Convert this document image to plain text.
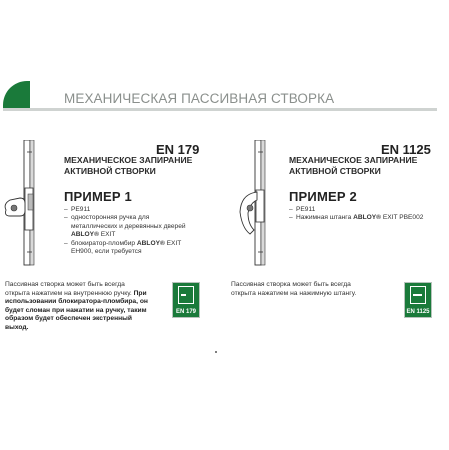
МЕХАНИЧЕСКАЯ ПАССИВНАЯ СТВОРКА
EN 179
МЕХАНИЧЕСКОЕ ЗАПИРАНИЕ
АКТИВНОЙ СТВОРКИ
ПРИМЕР 1
– PE911
– односторонняя ручка для
металлических и деревянных дверей
ABLOY® EXIT
– блокиратор-пломбир ABLOY® EXIT
EH900, если требуется
Пассивная створка может быть всегда
открыта нажатием на внутреннюю ручку. При
использовании блокиратора-пломбира, он
будет сломан при нажатии на ручку, таким
образом будет обеспечен экстренный
выход.
EN 179
EN 1125
МЕХАНИЧЕСКОЕ ЗАПИРАНИЕ
АКТИВНОЙ СТВОРКИ
ПРИМЕР 2
– PE911
– Нажимная штанга ABLOY® EXIT PBE002
Пассивная створка может быть всегда
открыта нажатием на нажимную штангу.
EN 1125
